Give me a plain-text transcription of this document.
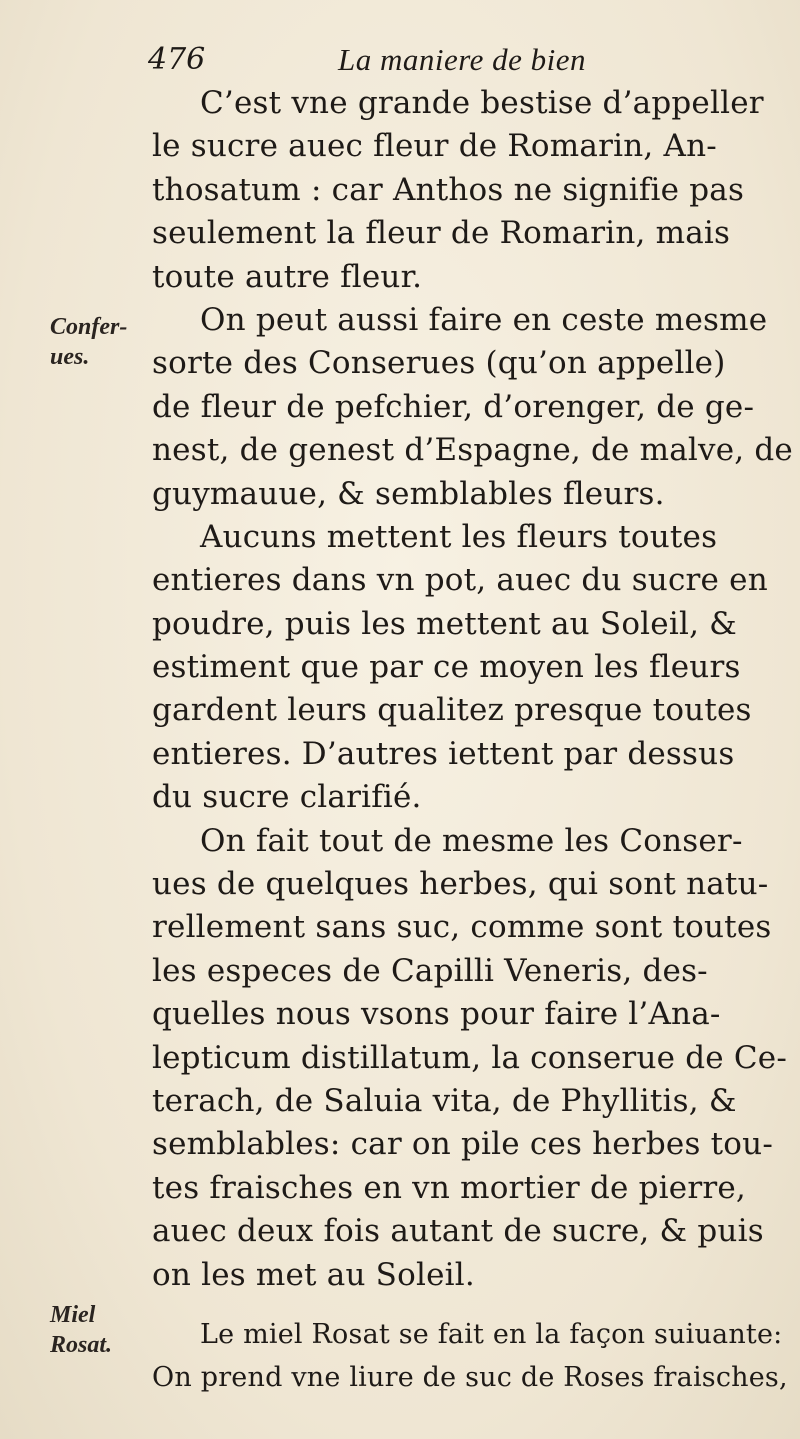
476	La maniere de bien
Confer-
ues.
Miel
Rosat.
C’est vne grande bestise d’appeller
le sucre auec fleur de Romarin, An-
thosatum : car Anthos ne signifie pas
seulement la fleur de Romarin, mais
toute autre fleur.
On peut aussi faire en ceste mesme
sorte des Conserues (qu’on appelle)
de fleur de pefchier, d’orenger, de ge-
nest, de genest d’Espagne, de malve, de
guymauue, & semblables fleurs.
Aucuns mettent les fleurs toutes
entieres dans vn pot, auec du sucre en
poudre, puis les mettent au Soleil, &
estiment que par ce moyen les fleurs
gardent leurs qualitez presque toutes
entieres. D’autres iettent par dessus
du sucre clarifié.
On fait tout de mesme les Conser-
ues de quelques herbes, qui sont natu-
rellement sans suc, comme sont toutes
les especes de Capilli Veneris, des-
quelles nous vsons pour faire l’Ana-
lepticum distillatum, la conserue de Ce-
terach, de Saluia vita, de Phyllitis, &
semblables: car on pile ces herbes tou-
tes fraisches en vn mortier de pierre,
auec deux fois autant de sucre, & puis
on les met au Soleil.
Le miel Rosat se fait en la façon suiuante:
On prend vne liure de suc de Roses fraisches,
